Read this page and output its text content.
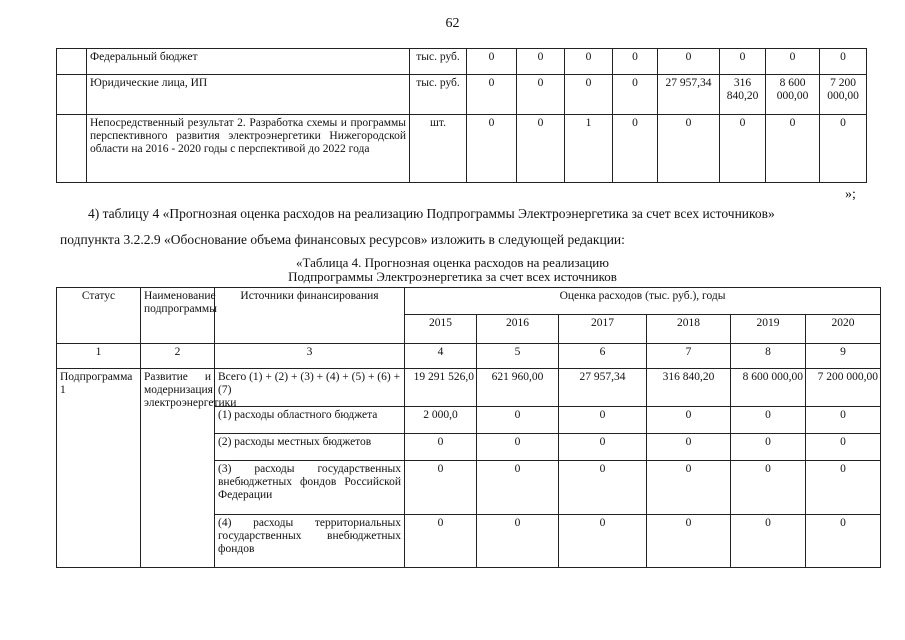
62
	Федеральный бюджет	тыс. руб.	0	0	0	0	0	0	0	0
	Юридические лица, ИП	тыс. руб.	0	0	0	0	27 957,34	316 840,20	8 600 000,00	7 200 000,00
	Непосредственный результат 2. Разработка схемы и программы перспективного развития электроэнергетики Нижегородской области на 2016 - 2020 годы с перспективой до 2022 года	шт.	0	0	1	0	0	0	0	0
»;
4) таблицу 4 «Прогнозная оценка расходов на реализацию Подпрограммы Электроэнергетика за счет всех источников»
подпункта 3.2.2.9 «Обоснование объема финансовых ресурсов» изложить в следующей редакции:
«Таблица 4. Прогнозная оценка расходов на реализацию
Подпрограммы Электроэнергетика за счет всех источников
Статус	Наименование подпрограммы	Источники финансирования	Оценка расходов (тыс. руб.), годы					
			2015	2016	2017	2018	2019	2020
1	2	3	4	5	6	7	8	9
Подпрограмма 1	Развитие и модернизация электроэнергетики	Всего (1) + (2) + (3) + (4) + (5) + (6) + (7)	19 291 526,0	621 960,00	27 957,34	316 840,20	8 600 000,00	7 200 000,00
		(1) расходы областного бюджета	2 000,0	0	0	0	0	0
		(2) расходы местных бюджетов	0	0	0	0	0	0
		(3) расходы государственных внебюджетных фондов Российской Федерации	0	0	0	0	0	0
		(4) расходы территориальных государственных внебюджетных фондов	0	0	0	0	0	0
